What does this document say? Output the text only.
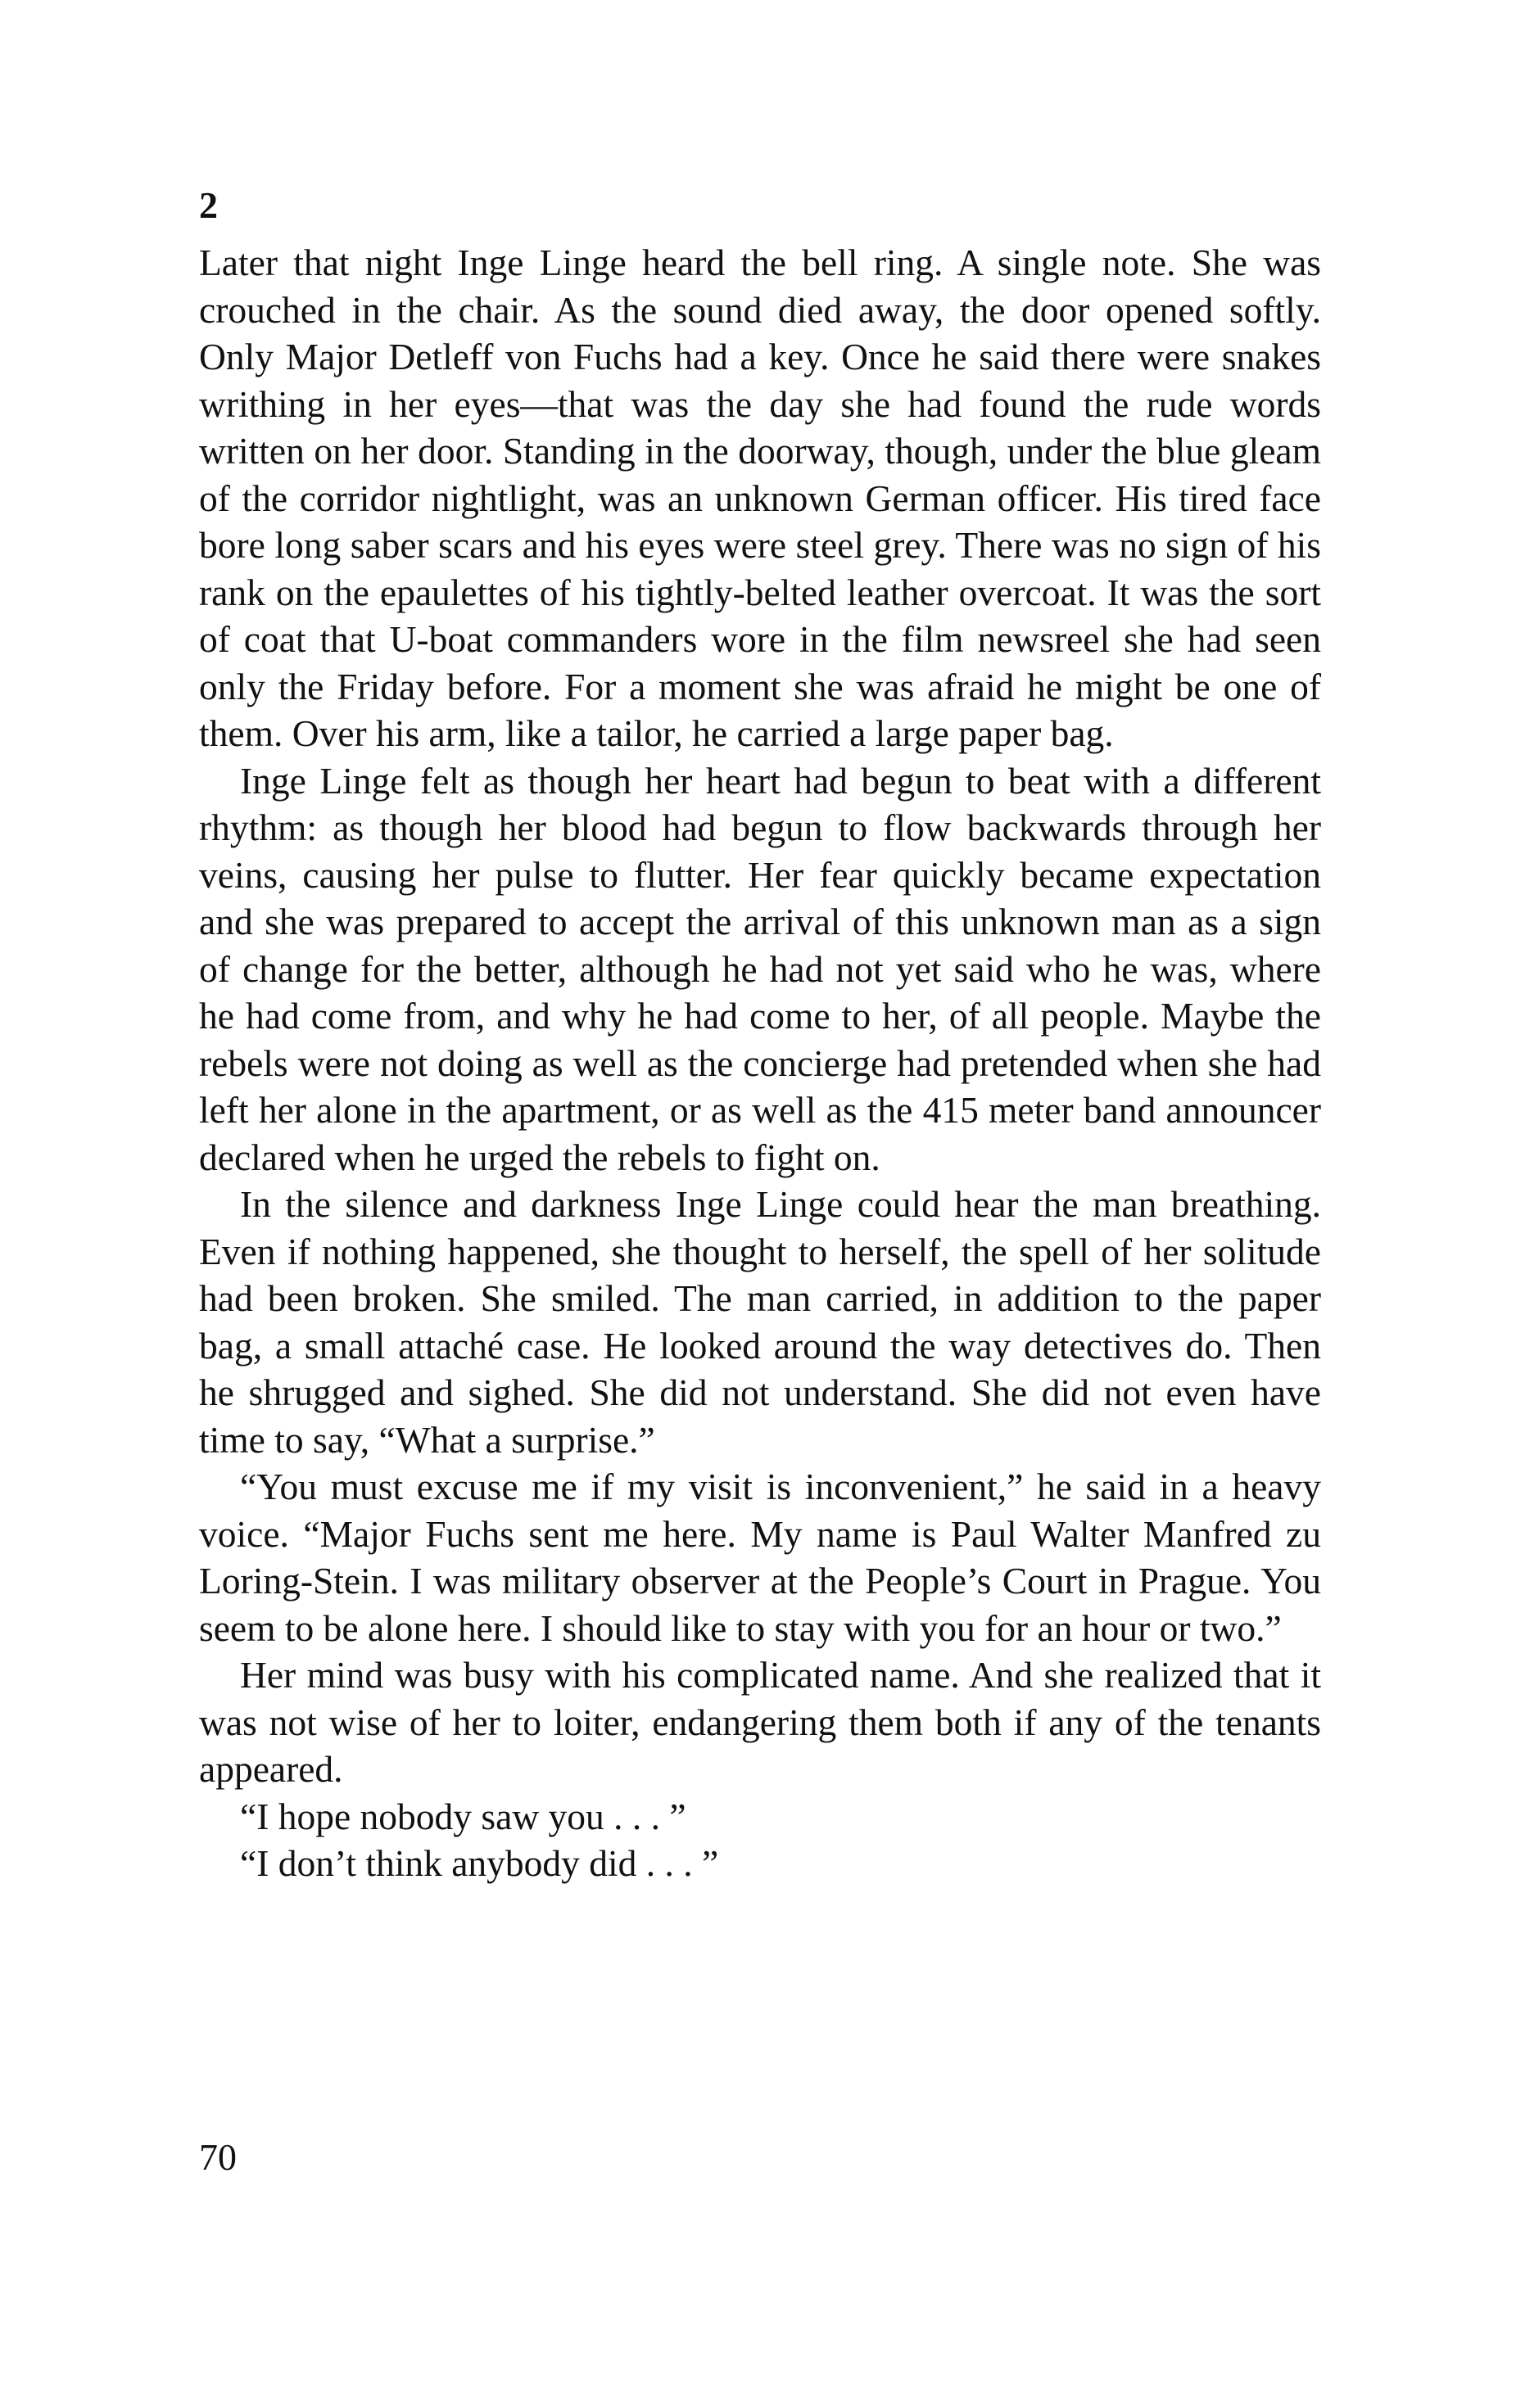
2

Later that night Inge Linge heard the bell ring. A single note. She was crouched in the chair. As the sound died away, the door opened softly. Only Major Detleff von Fuchs had a key. Once he said there were snakes writhing in her eyes—that was the day she had found the rude words written on her door. Standing in the doorway, though, under the blue gleam of the corridor nightlight, was an unknown German officer. His tired face bore long saber scars and his eyes were steel grey. There was no sign of his rank on the epaulettes of his tightly-belted leather overcoat. It was the sort of coat that U-boat commanders wore in the film newsreel she had seen only the Friday before. For a moment she was afraid he might be one of them. Over his arm, like a tailor, he carried a large paper bag.

Inge Linge felt as though her heart had begun to beat with a different rhythm: as though her blood had begun to flow backwards through her veins, causing her pulse to flutter. Her fear quickly became expectation and she was prepared to accept the arrival of this unknown man as a sign of change for the better, although he had not yet said who he was, where he had come from, and why he had come to her, of all people. Maybe the rebels were not doing as well as the concierge had pretended when she had left her alone in the apartment, or as well as the 415 meter band announcer declared when he urged the rebels to fight on.

In the silence and darkness Inge Linge could hear the man breathing. Even if nothing happened, she thought to herself, the spell of her solitude had been broken. She smiled. The man carried, in addition to the paper bag, a small attaché case. He looked around the way detectives do. Then he shrugged and sighed. She did not understand. She did not even have time to say, “What a surprise.”

“You must excuse me if my visit is inconvenient,” he said in a heavy voice. “Major Fuchs sent me here. My name is Paul Walter Manfred zu Loring-Stein. I was military observer at the People’s Court in Prague. You seem to be alone here. I should like to stay with you for an hour or two.”

Her mind was busy with his complicated name. And she realized that it was not wise of her to loiter, endangering them both if any of the tenants appeared.

“I hope nobody saw you . . . ”

“I don’t think anybody did . . . ”

70
